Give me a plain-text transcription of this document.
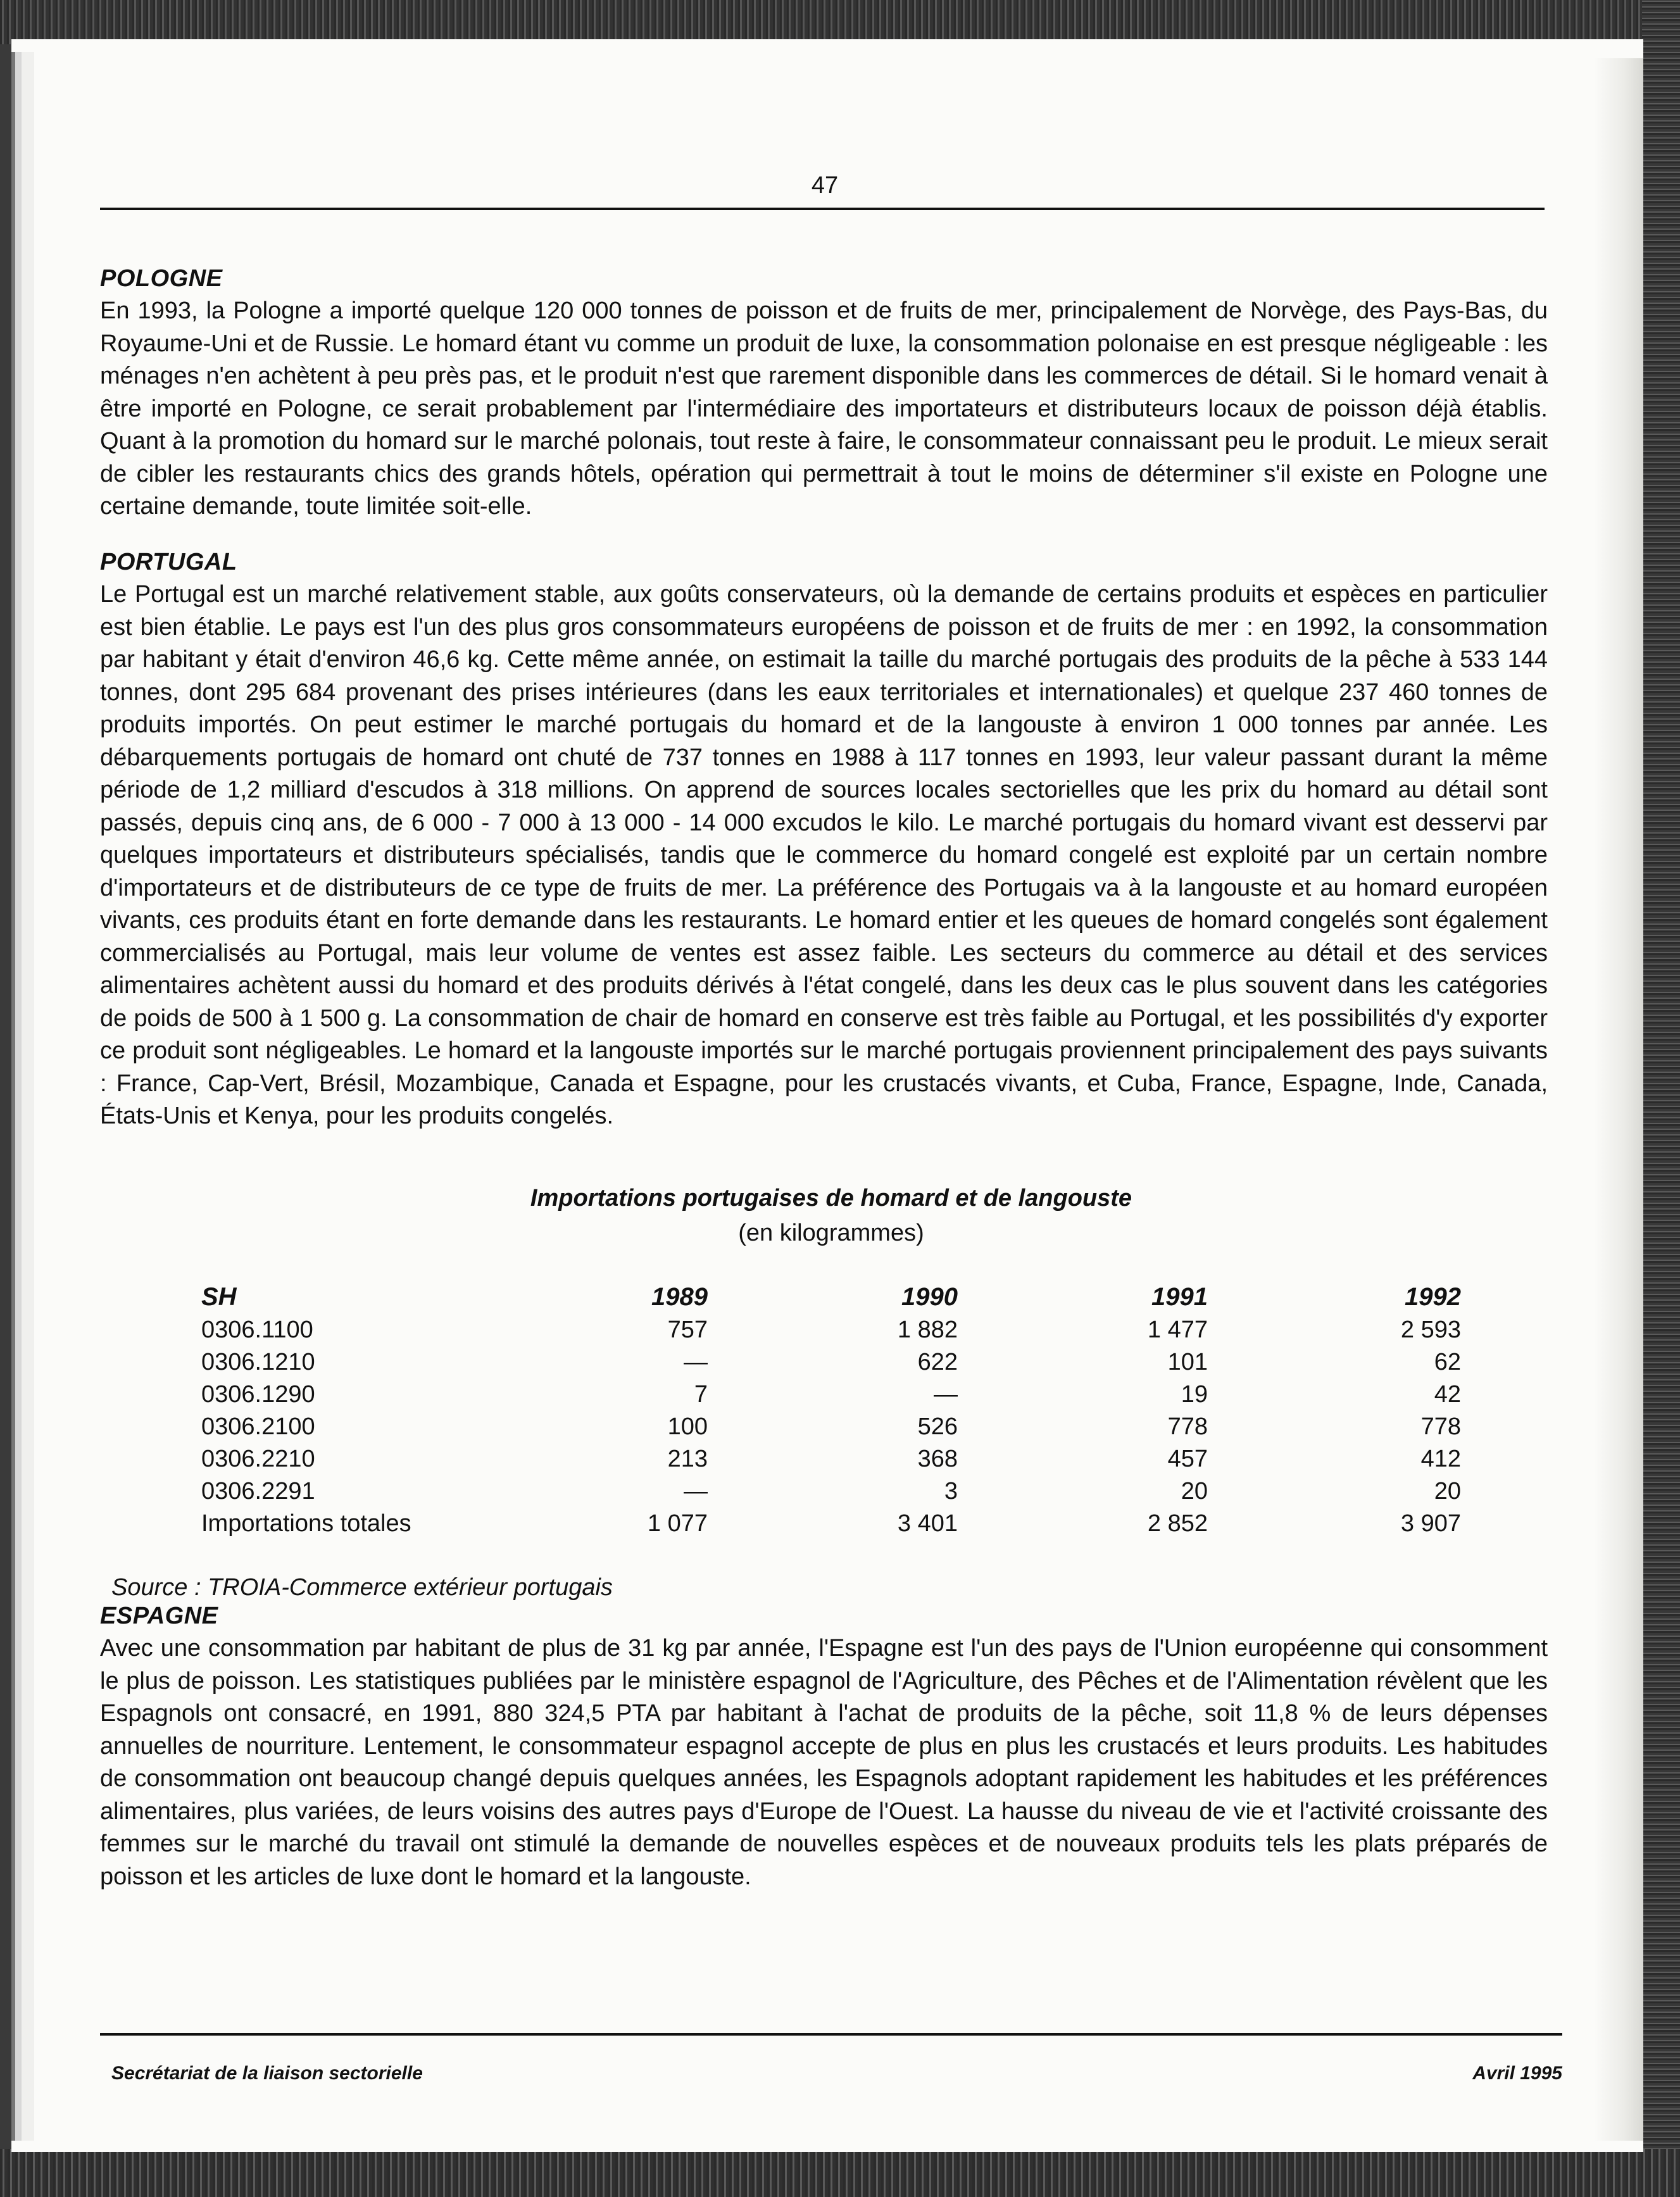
47
POLOGNE

En 1993, la Pologne a importé quelque 120 000 tonnes de poisson et de fruits de mer, principalement de Norvège, des Pays-Bas, du Royaume-Uni et de Russie. Le homard étant vu comme un produit de luxe, la consommation polonaise en est presque négligeable : les ménages n'en achètent à peu près pas, et le produit n'est que rarement disponible dans les commerces de détail. Si le homard venait à être importé en Pologne, ce serait probablement par l'intermédiaire des importateurs et distributeurs locaux de poisson déjà établis. Quant à la promotion du homard sur le marché polonais, tout reste à faire, le consommateur connaissant peu le produit. Le mieux serait de cibler les restaurants chics des grands hôtels, opération qui permettrait à tout le moins de déterminer s'il existe en Pologne une certaine demande, toute limitée soit-elle.

PORTUGAL

Le Portugal est un marché relativement stable, aux goûts conservateurs, où la demande de certains produits et espèces en particulier est bien établie. Le pays est l'un des plus gros consommateurs européens de poisson et de fruits de mer : en 1992, la consommation par habitant y était d'environ 46,6 kg. Cette même année, on estimait la taille du marché portugais des produits de la pêche à 533 144 tonnes, dont 295 684 provenant des prises intérieures (dans les eaux territoriales et internationales) et quelque 237 460 tonnes de produits importés. On peut estimer le marché portugais du homard et de la langouste à environ 1 000 tonnes par année. Les débarquements portugais de homard ont chuté de 737 tonnes en 1988 à 117 tonnes en 1993, leur valeur passant durant la même période de 1,2 milliard d'escudos à 318 millions. On apprend de sources locales sectorielles que les prix du homard au détail sont passés, depuis cinq ans, de 6 000 - 7 000 à 13 000 - 14 000 excudos le kilo. Le marché portugais du homard vivant est desservi par quelques importateurs et distributeurs spécialisés, tandis que le commerce du homard congelé est exploité par un certain nombre d'importateurs et de distributeurs de ce type de fruits de mer. La préférence des Portugais va à la langouste et au homard européen vivants, ces produits étant en forte demande dans les restaurants. Le homard entier et les queues de homard congelés sont également commercialisés au Portugal, mais leur volume de ventes est assez faible. Les secteurs du commerce au détail et des services alimentaires achètent aussi du homard et des produits dérivés à l'état congelé, dans les deux cas le plus souvent dans les catégories de poids de 500 à 1 500 g. La consommation de chair de homard en conserve est très faible au Portugal, et les possibilités d'y exporter ce produit sont négligeables. Le homard et la langouste importés sur le marché portugais proviennent principalement des pays suivants : France, Cap-Vert, Brésil, Mozambique, Canada et Espagne, pour les crustacés vivants, et Cuba, France, Espagne, Inde, Canada, États-Unis et Kenya, pour les produits congelés.

Importations portugaises de homard et de langouste
(en kilogrammes)
SH	1989	1990	1991	1992
0306.1100	757	1 882	1 477	2 593
0306.1210	—	622	101	62
0306.1290	7	—	19	42
0306.2100	100	526	778	778
0306.2210	213	368	457	412
0306.2291	—	3	20	20
Importations totales	1 077	3 401	2 852	3 907
Source : TROIA-Commerce extérieur portugais
ESPAGNE

Avec une consommation par habitant de plus de 31 kg par année, l'Espagne est l'un des pays de l'Union européenne qui consomment le plus de poisson. Les statistiques publiées par le ministère espagnol de l'Agriculture, des Pêches et de l'Alimentation révèlent que les Espagnols ont consacré, en 1991, 880 324,5 PTA par habitant à l'achat de produits de la pêche, soit 11,8 % de leurs dépenses annuelles de nourriture. Lentement, le consommateur espagnol accepte de plus en plus les crustacés et leurs produits. Les habitudes de consommation ont beaucoup changé depuis quelques années, les Espagnols adoptant rapidement les habitudes et les préférences alimentaires, plus variées, de leurs voisins des autres pays d'Europe de l'Ouest. La hausse du niveau de vie et l'activité croissante des femmes sur le marché du travail ont stimulé la demande de nouvelles espèces et de nouveaux produits tels les plats préparés de poisson et les articles de luxe dont le homard et la langouste.

Secrétariat de la liaison sectorielle	Avril 1995
